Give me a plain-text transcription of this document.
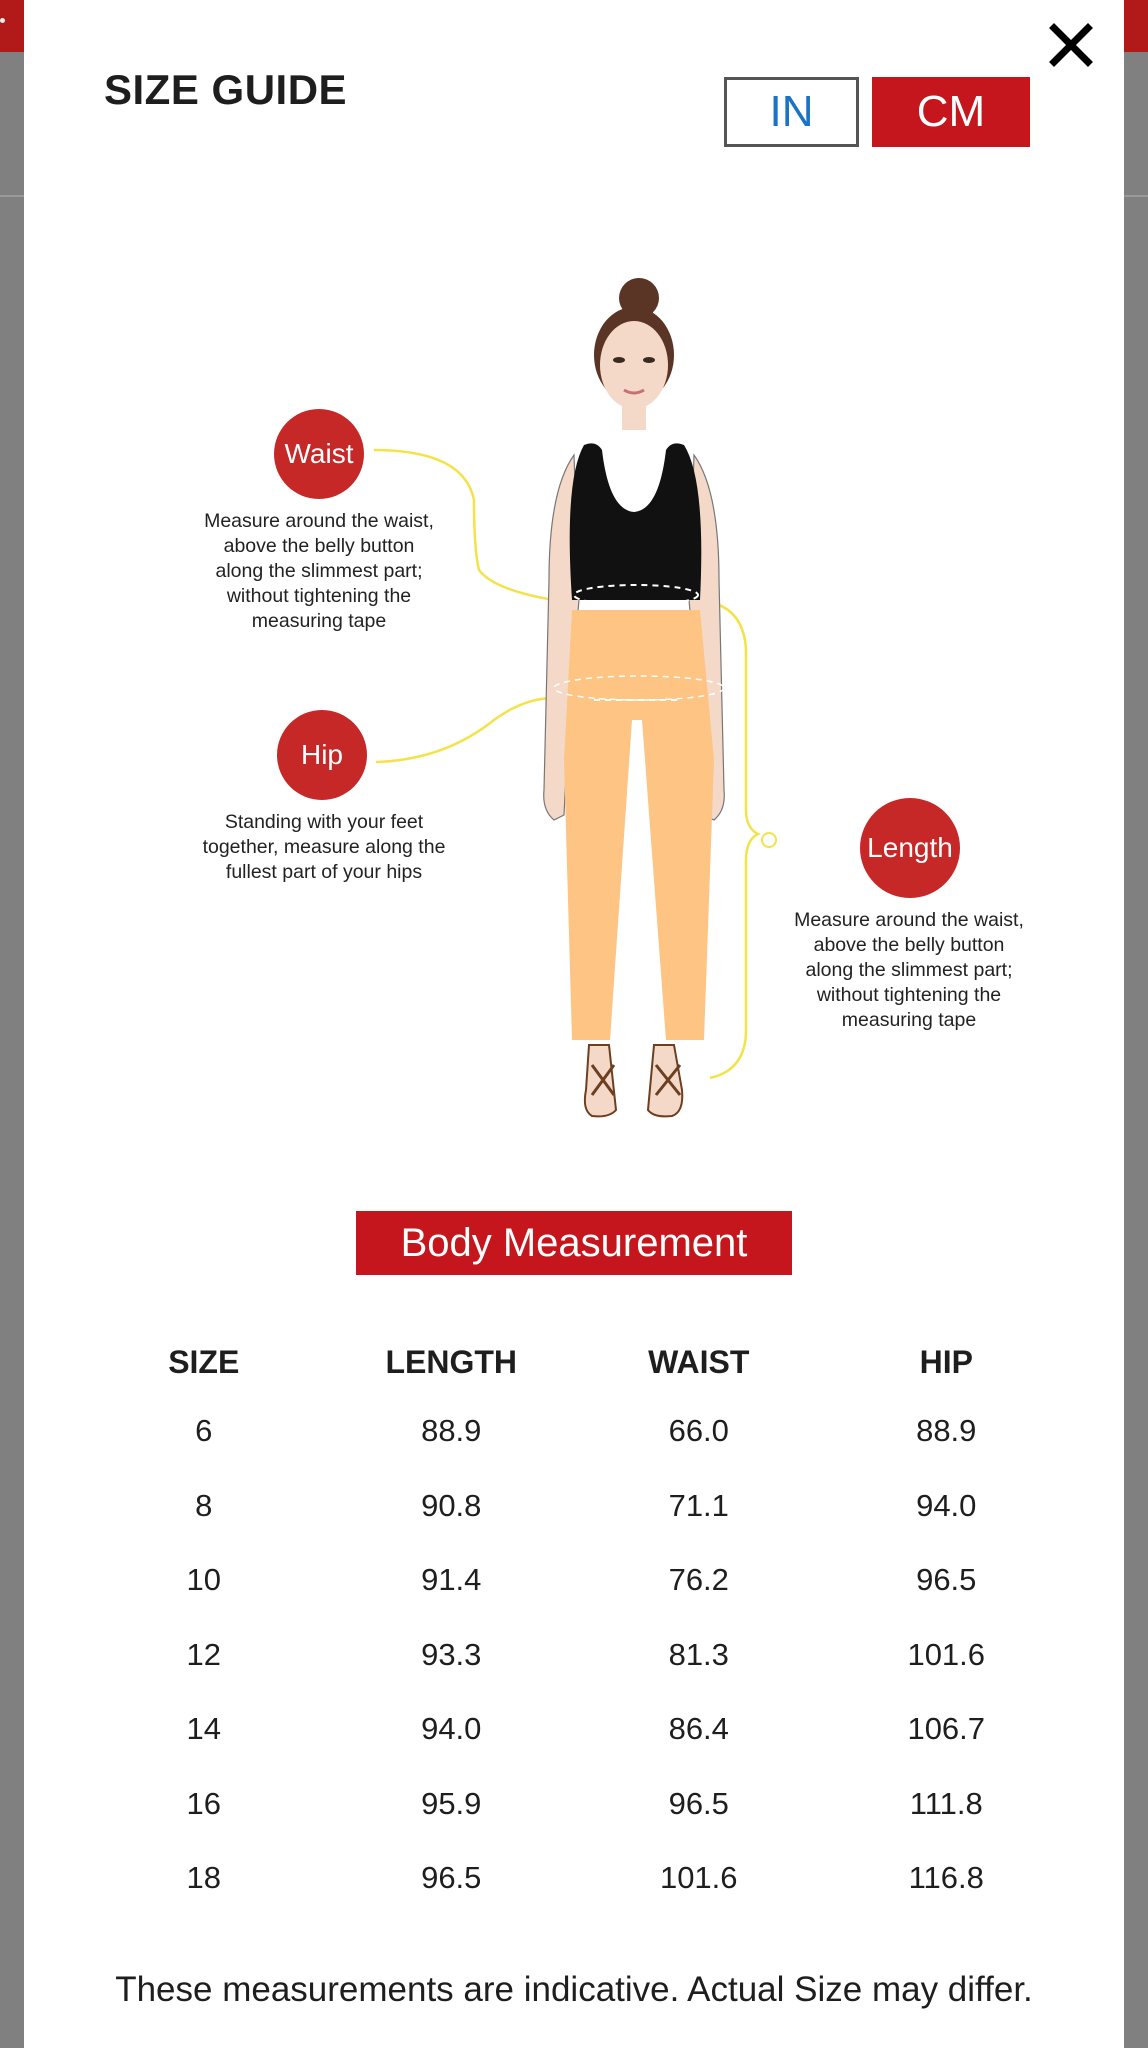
SIZE GUIDE	IN	CM
Waist
Measure around the waist,
above the belly button
along the slimmest part;
without tightening the
measuring tape
Hip
Standing with your feet
together, measure along the
fullest part of your hips
Length
Measure around the waist,
above the belly button
along the slimmest part;
without tightening the
measuring tape
Body Measurement
SIZE	LENGTH	WAIST	HIP
6	88.9	66.0	88.9
8	90.8	71.1	94.0
10	91.4	76.2	96.5
12	93.3	81.3	101.6
14	94.0	86.4	106.7
16	95.9	96.5	111.8
18	96.5	101.6	116.8
These measurements are indicative. Actual Size may differ.
